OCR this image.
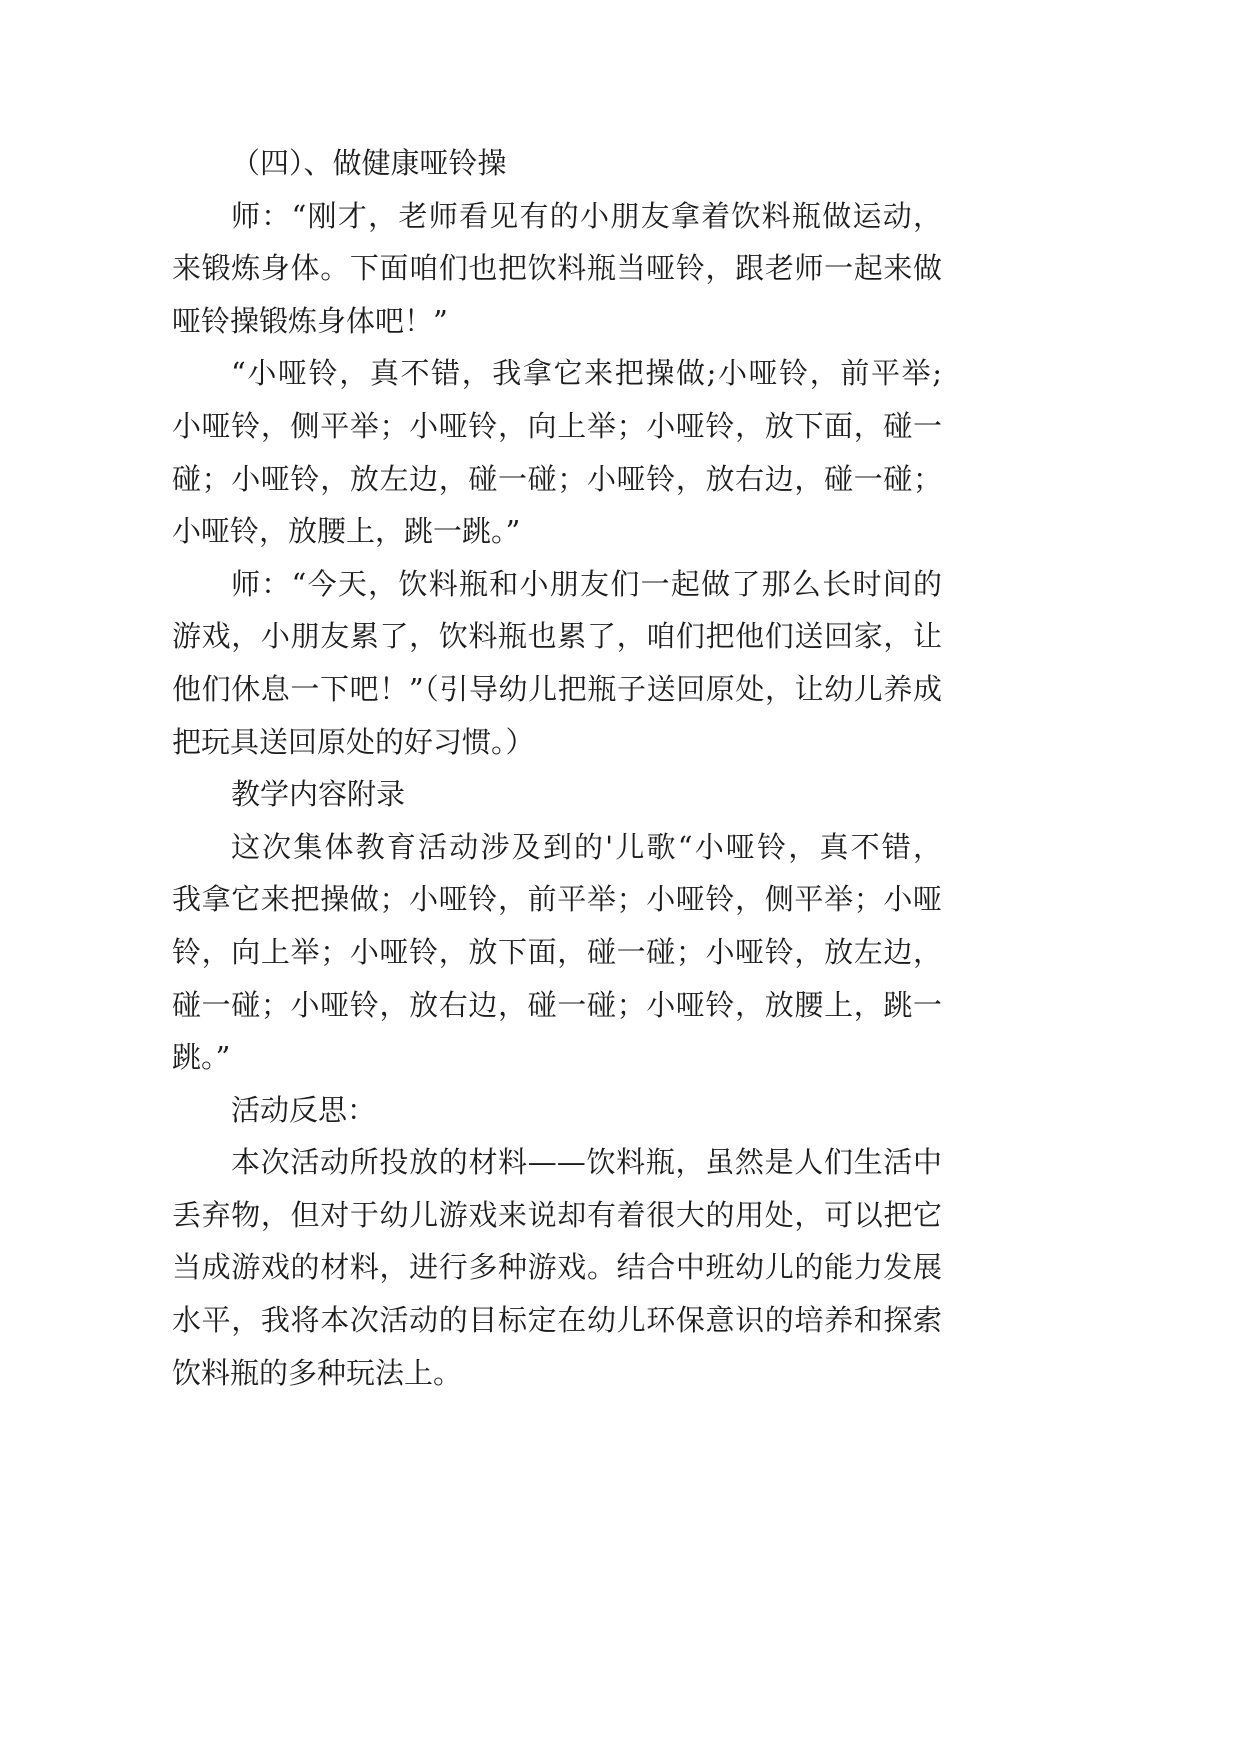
（四）、做健康哑铃操
师：“刚才，老师看见有的小朋友拿着饮料瓶做运动，
来锻炼身体。下面咱们也把饮料瓶当哑铃，跟老师一起来做
哑铃操锻炼身体吧！”
“小哑铃，真不错，我拿它来把操做;小哑铃，前平举;
小哑铃，侧平举；小哑铃，向上举；小哑铃，放下面，碰一
碰；小哑铃，放左边，碰一碰；小哑铃，放右边，碰一碰；
小哑铃，放腰上，跳一跳。”
师：“今天，饮料瓶和小朋友们一起做了那么长时间的
游戏，小朋友累了，饮料瓶也累了，咱们把他们送回家，让
他们休息一下吧！”（引导幼儿把瓶子送回原处，让幼儿养成
把玩具送回原处的好习惯。）
教学内容附录
这次集体教育活动涉及到的'儿歌“小哑铃，真不错，
我拿它来把操做；小哑铃，前平举；小哑铃，侧平举；小哑
铃，向上举；小哑铃，放下面，碰一碰；小哑铃，放左边，
碰一碰；小哑铃，放右边，碰一碰；小哑铃，放腰上，跳一
跳。”
活动反思：
本次活动所投放的材料——饮料瓶，虽然是人们生活中
丢弃物，但对于幼儿游戏来说却有着很大的用处，可以把它
当成游戏的材料，进行多种游戏。结合中班幼儿的能力发展
水平，我将本次活动的目标定在幼儿环保意识的培养和探索
饮料瓶的多种玩法上。
